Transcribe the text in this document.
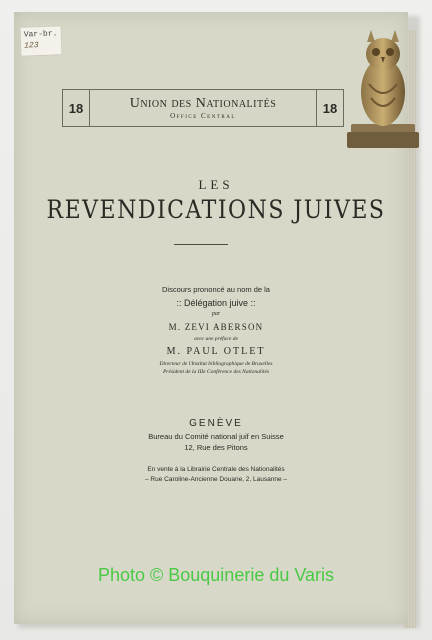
Var-br.
123
18	Union des Nationalités
Office Central
18
LES
REVENDICATIONS JUIVES
Discours prononcé au nom de la
:: Délégation juive ::
par
M. ZEVI ABERSON
avec une préface de
M. PAUL OTLET
Directeur de l'Institut bibliographique de Bruxelles
Président de la IIIe Conférence des Nationalités
GENÈVE
Bureau du Comité national juif en Suisse
12, Rue des Pitons
En vente à la Librairie Centrale des Nationalités
– Rue Caroline-Ancienne Douane, 2, Lausanne –
Photo © Bouquinerie du Varis
